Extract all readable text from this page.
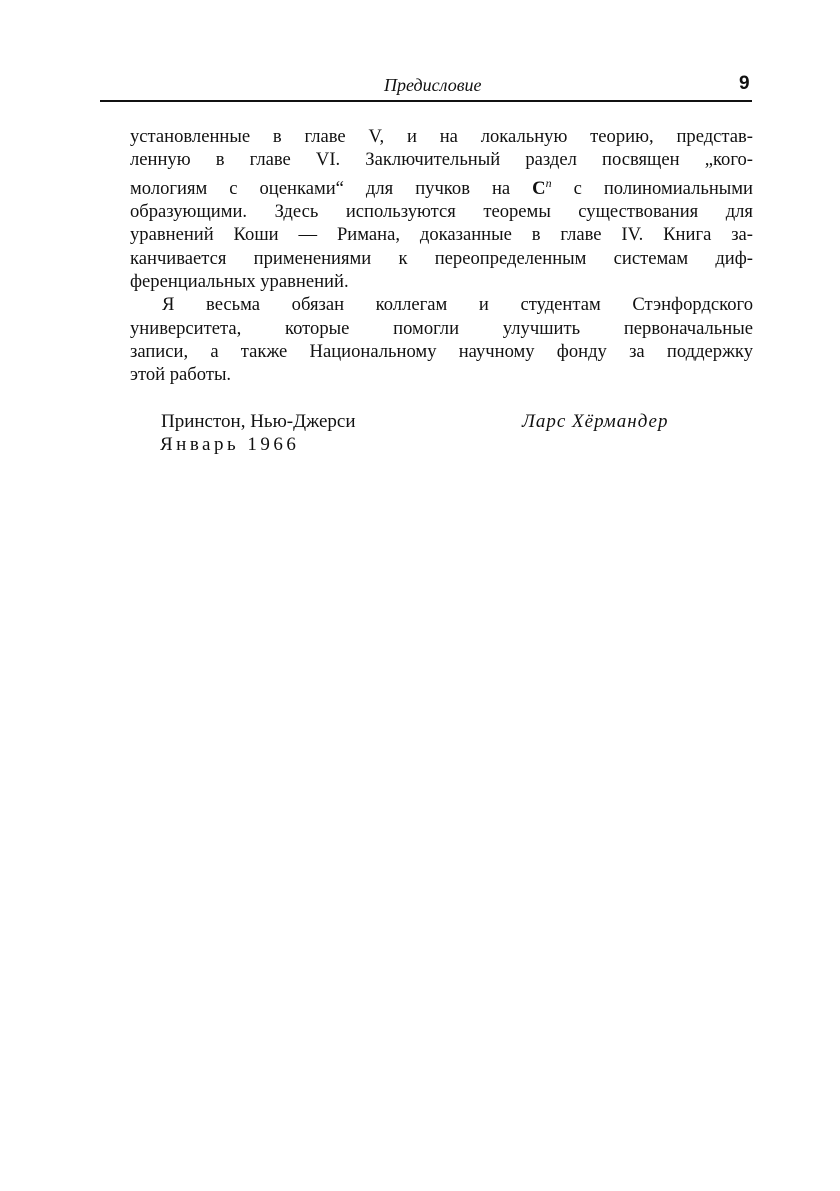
Предисловие	9
установленные в главе V, и на локальную теорию, представ-
ленную в главе VI. Заключительный раздел посвящен „кого-
мологиям с оценками“ для пучков на $C^n$ с полиномиальными
образующими. Здесь используются теоремы существования для
уравнений Коши — Римана, доказанные в главе IV. Книга за-
канчивается применениями к переопределенным системам диф-
ференциальных уравнений.
Я весьма обязан коллегам и студентам Стэнфордского
университета, которые помогли улучшить первоначальные
записи, а также Национальному научному фонду за поддержку
этой работы.
Принстон, Нью-Джерси
Январь 1966
Ларс Хёрмандер
